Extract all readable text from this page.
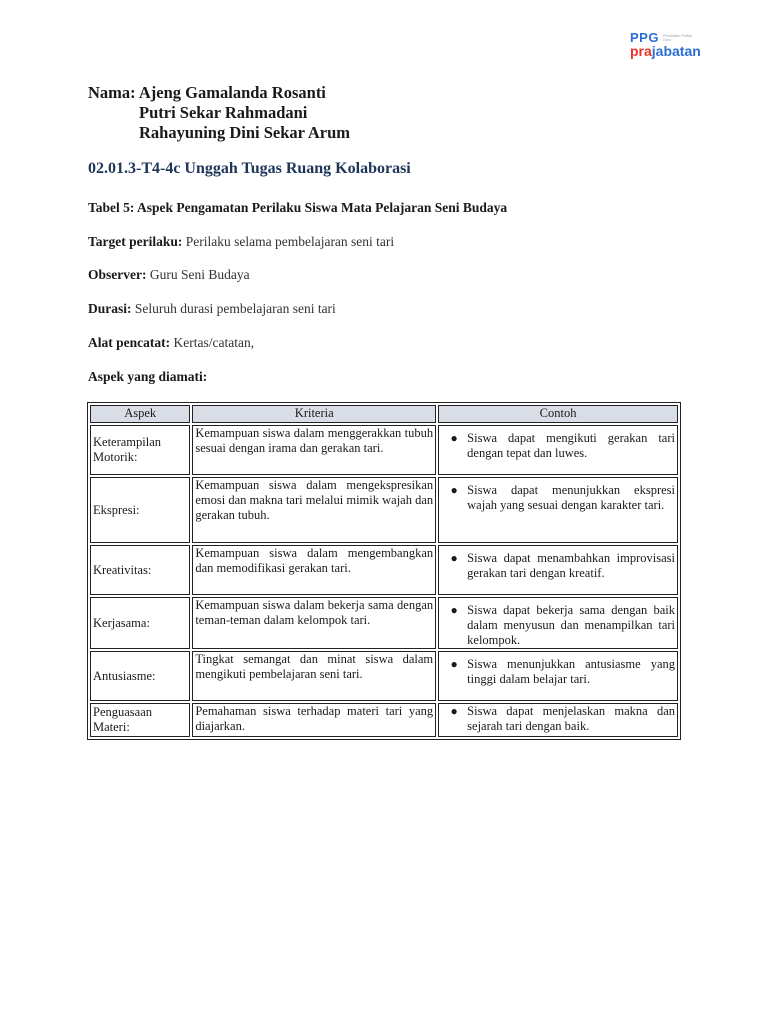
PPG Pendidikan Profesi Guru
prajabatan
Nama: Ajeng Gamalanda Rosanti
Putri Sekar Rahmadani
Rahayuning Dini Sekar Arum
02.01.3-T4-4c Unggah Tugas Ruang Kolaborasi
Tabel 5: Aspek Pengamatan Perilaku Siswa Mata Pelajaran Seni Budaya
Target perilaku: Perilaku selama pembelajaran seni tari
Observer: Guru Seni Budaya
Durasi: Seluruh durasi pembelajaran seni tari
Alat pencatat: Kertas/catatan,
Aspek yang diamati:
Aspek	Kriteria	Contoh
Keterampilan Motorik:	Kemampuan siswa dalam menggerakkan tubuh sesuai dengan irama dan gerakan tari.	● Siswa dapat mengikuti gerakan tari dengan tepat dan luwes.

Ekspresi:	Kemampuan siswa dalam mengekspresikan emosi dan makna tari melalui mimik wajah dan gerakan tubuh.	● Siswa dapat menunjukkan ekspresi wajah yang sesuai dengan karakter tari.

Kreativitas:	Kemampuan siswa dalam mengembangkan dan memodifikasi gerakan tari.	● Siswa dapat menambahkan improvisasi gerakan tari dengan kreatif.

Kerjasama:	Kemampuan siswa dalam bekerja sama dengan teman-teman dalam kelompok tari.	● Siswa dapat bekerja sama dengan baik dalam menyusun dan menampilkan tari kelompok.

Antusiasme:	Tingkat semangat dan minat siswa dalam mengikuti pembelajaran seni tari.	● Siswa menunjukkan antusiasme yang tinggi dalam belajar tari.

Penguasaan Materi:	Pemahaman siswa terhadap materi tari yang diajarkan.	● Siswa dapat menjelaskan makna dan sejarah tari dengan baik.
